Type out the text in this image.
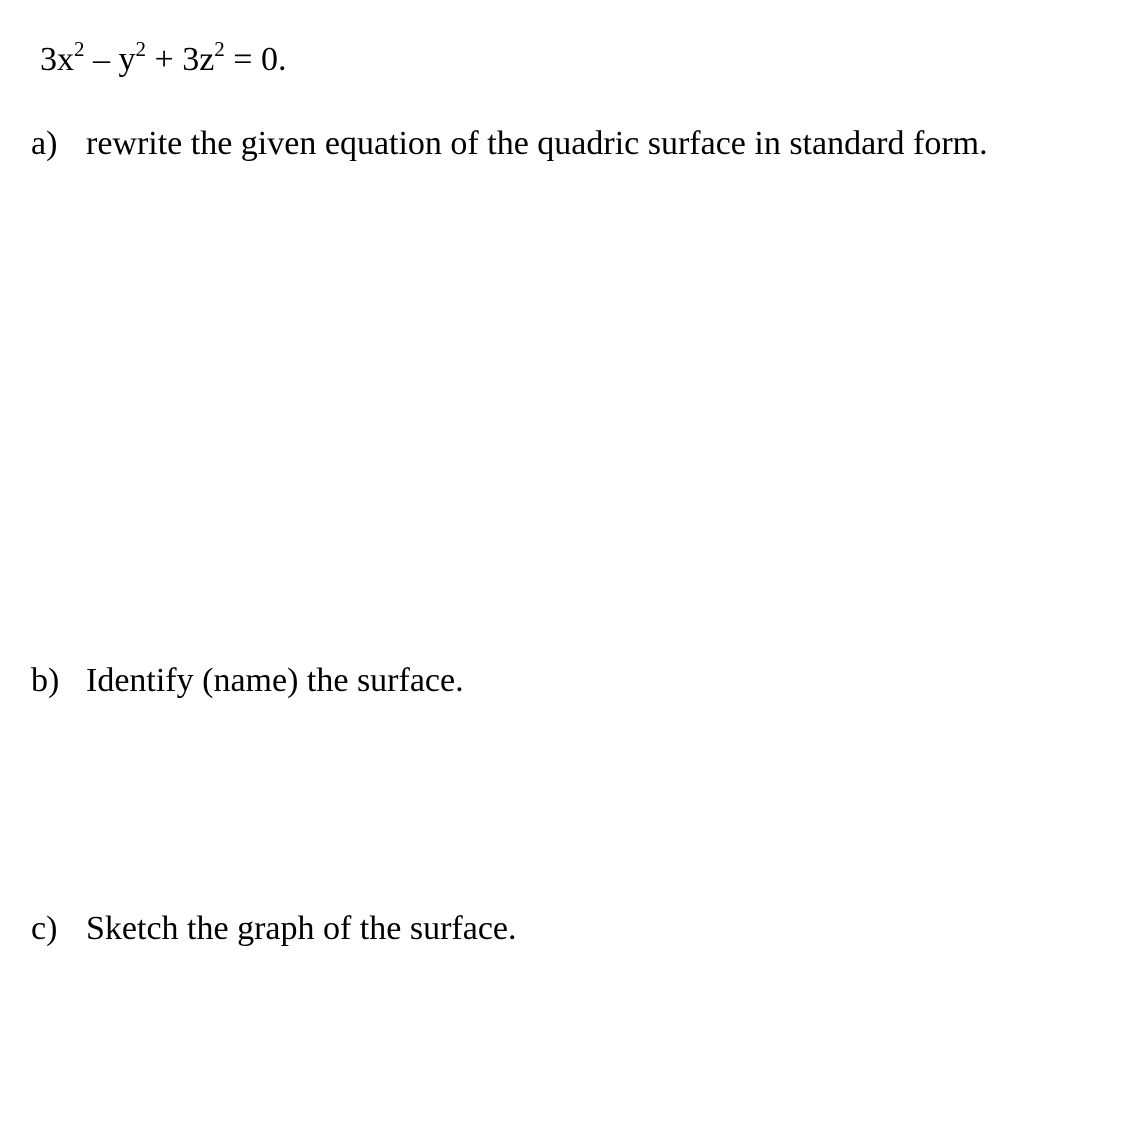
$3x^2 - y^2 + 3z^2 = 0$.
a) rewrite the given equation of the quadric surface in standard form.
b) Identify (name) the surface.
c) Sketch the graph of the surface.
